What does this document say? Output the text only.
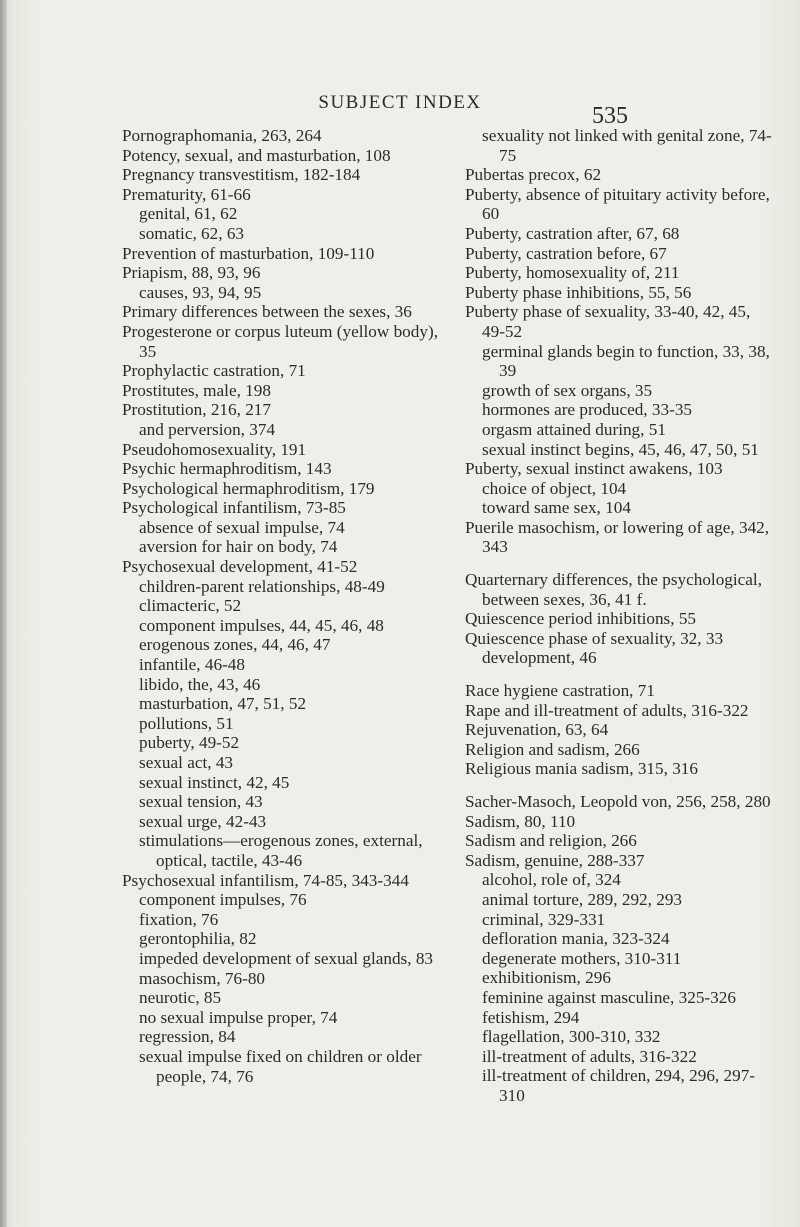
SUBJECT INDEX
535
Pornographomania, 263, 264
Potency, sexual, and masturbation, 108
Pregnancy transvestitism, 182-184
Prematurity, 61-66
genital, 61, 62
somatic, 62, 63
Prevention of masturbation, 109-110
Priapism, 88, 93, 96
causes, 93, 94, 95
Primary differences between the sexes, 36
Progesterone or corpus luteum (yellow body), 35
Prophylactic castration, 71
Prostitutes, male, 198
Prostitution, 216, 217
and perversion, 374
Pseudohomosexuality, 191
Psychic hermaphroditism, 143
Psychological hermaphroditism, 179
Psychological infantilism, 73-85
absence of sexual impulse, 74
aversion for hair on body, 74
Psychosexual development, 41-52
children-parent relationships, 48-49
climacteric, 52
component impulses, 44, 45, 46, 48
erogenous zones, 44, 46, 47
infantile, 46-48
libido, the, 43, 46
masturbation, 47, 51, 52
pollutions, 51
puberty, 49-52
sexual act, 43
sexual instinct, 42, 45
sexual tension, 43
sexual urge, 42-43
stimulations—erogenous zones, external, optical, tactile, 43-46
Psychosexual infantilism, 74-85, 343-344
component impulses, 76
fixation, 76
gerontophilia, 82
impeded development of sexual glands, 83
masochism, 76-80
neurotic, 85
no sexual impulse proper, 74
regression, 84
sexual impulse fixed on children or older people, 74, 76
sexuality not linked with genital zone, 74-75
Pubertas precox, 62
Puberty, absence of pituitary activity before, 60
Puberty, castration after, 67, 68
Puberty, castration before, 67
Puberty, homosexuality of, 211
Puberty phase inhibitions, 55, 56
Puberty phase of sexuality, 33-40, 42, 45, 49-52
germinal glands begin to function, 33, 38, 39
growth of sex organs, 35
hormones are produced, 33-35
orgasm attained during, 51
sexual instinct begins, 45, 46, 47, 50, 51
Puberty, sexual instinct awakens, 103
choice of object, 104
toward same sex, 104
Puerile masochism, or lowering of age, 342, 343
Quarternary differences, the psychological, between sexes, 36, 41 f.
Quiescence period inhibitions, 55
Quiescence phase of sexuality, 32, 33
development, 46
Race hygiene castration, 71
Rape and ill-treatment of adults, 316-322
Rejuvenation, 63, 64
Religion and sadism, 266
Religious mania sadism, 315, 316
Sacher-Masoch, Leopold von, 256, 258, 280
Sadism, 80, 110
Sadism and religion, 266
Sadism, genuine, 288-337
alcohol, role of, 324
animal torture, 289, 292, 293
criminal, 329-331
defloration mania, 323-324
degenerate mothers, 310-311
exhibitionism, 296
feminine against masculine, 325-326
fetishism, 294
flagellation, 300-310, 332
ill-treatment of adults, 316-322
ill-treatment of children, 294, 296, 297-310
